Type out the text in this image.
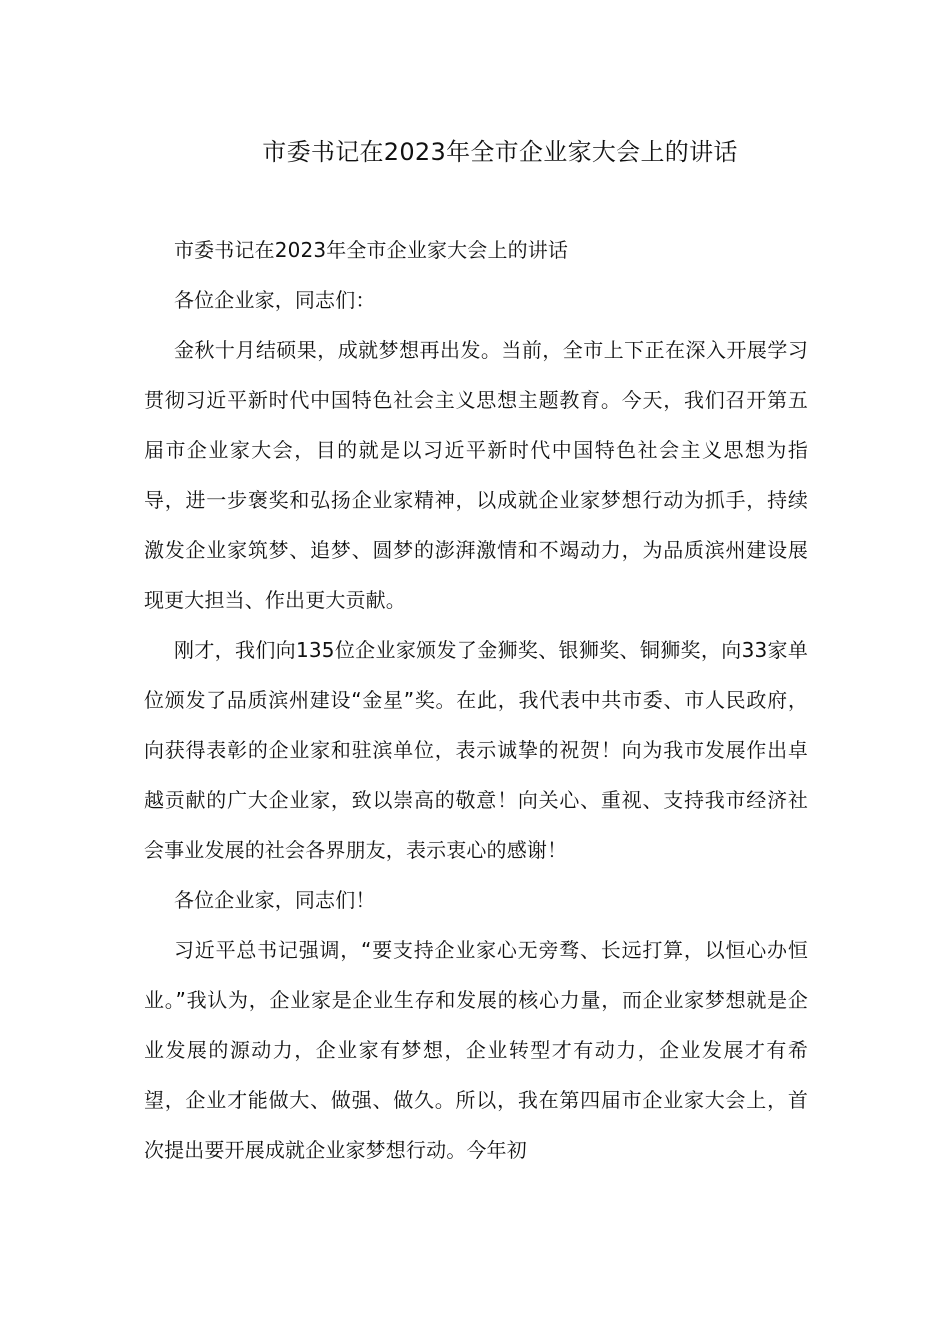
市委书记在2023年全市企业家大会上的讲话

市委书记在2023年全市企业家大会上的讲话

各位企业家，同志们：

金秋十月结硕果，成就梦想再出发。当前，全市上下正在深入开展学习贯彻习近平新时代中国特色社会主义思想主题教育。今天，我们召开第五届市企业家大会，目的就是以习近平新时代中国特色社会主义思想为指导，进一步褒奖和弘扬企业家精神，以成就企业家梦想行动为抓手，持续激发企业家筑梦、追梦、圆梦的澎湃激情和不竭动力，为品质滨州建设展现更大担当、作出更大贡献。

刚才，我们向135位企业家颁发了金狮奖、银狮奖、铜狮奖，向33家单位颁发了品质滨州建设“金星”奖。在此，我代表中共市委、市人民政府，向获得表彰的企业家和驻滨单位，表示诚挚的祝贺！向为我市发展作出卓越贡献的广大企业家，致以崇高的敬意！向关心、重视、支持我市经济社会事业发展的社会各界朋友，表示衷心的感谢！

各位企业家，同志们！

习近平总书记强调，“要支持企业家心无旁骛、长远打算，以恒心办恒业。”我认为，企业家是企业生存和发展的核心力量，而企业家梦想就是企业发展的源动力，企业家有梦想，企业转型才有动力，企业发展才有希望，企业才能做大、做强、做久。所以，我在第四届市企业家大会上，首次提出要开展成就企业家梦想行动。今年初
